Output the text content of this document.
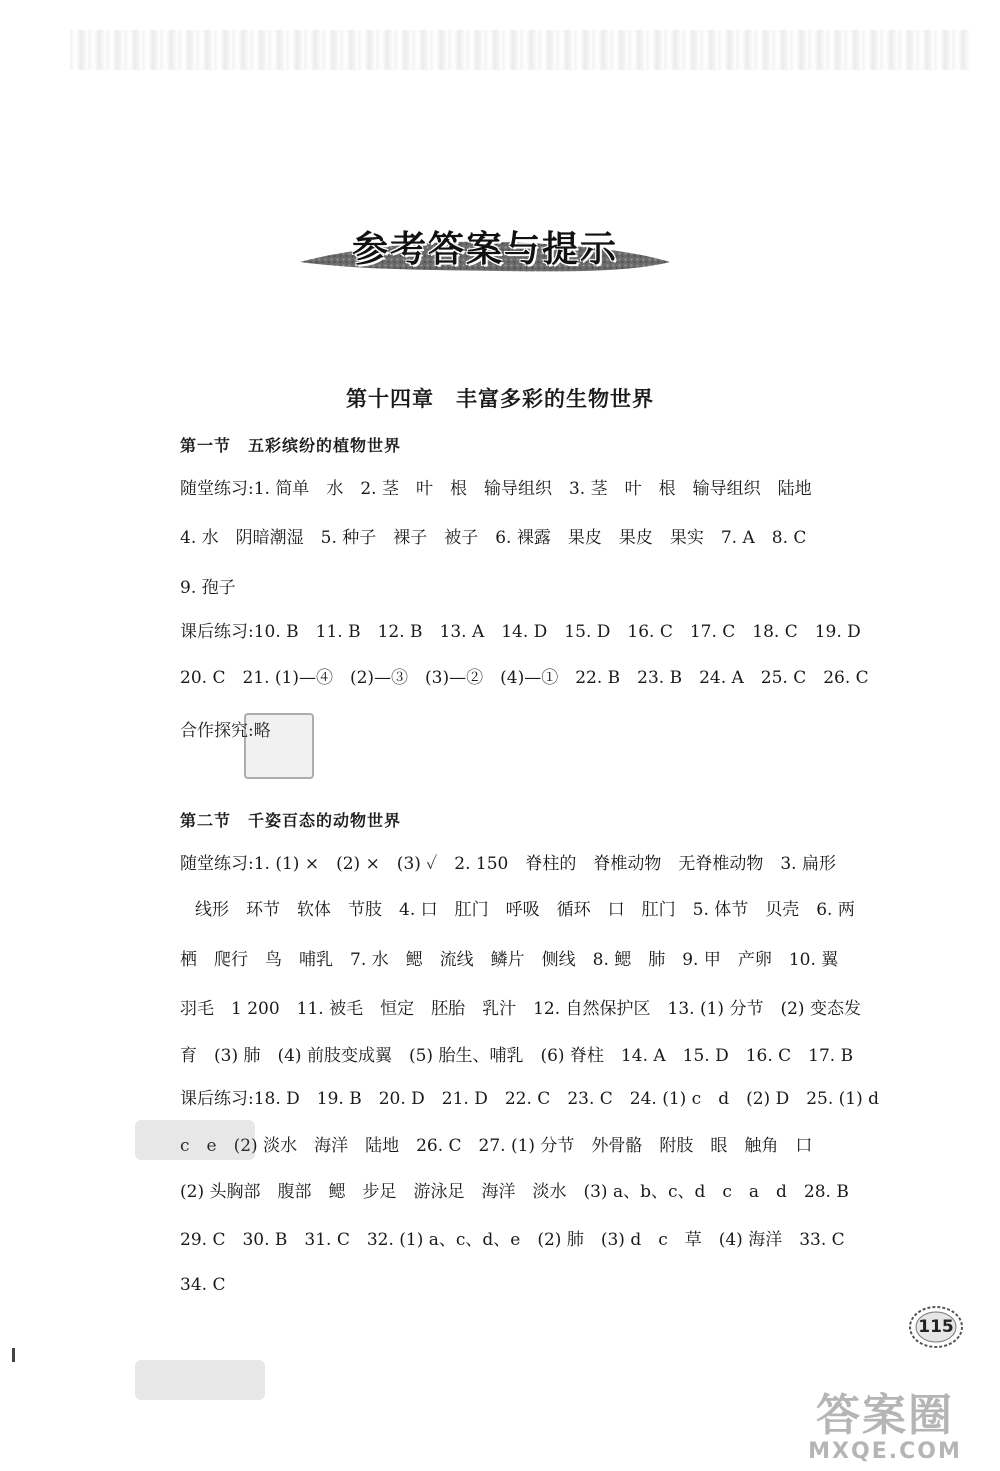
参考答案与提示
第十四章　丰富多彩的生物世界
第一节　五彩缤纷的植物世界
随堂练习:1. 简单　水　2. 茎　叶　根　输导组织　3. 茎　叶　根　输导组织　陆地
4. 水　阴暗潮湿　5. 种子　裸子　被子　6. 裸露　果皮　果皮　果实　7. A　8. C
9. 孢子
课后练习:10. B　11. B　12. B　13. A　14. D　15. D　16. C　17. C　18. C　19. D
20. C　21. (1)—④　(2)—③　(3)—②　(4)—①　22. B　23. B　24. A　25. C　26. C
合作探究:略
第二节　千姿百态的动物世界
随堂练习:1. (1) ×　(2) ×　(3) ✓　2. 150　脊柱的　脊椎动物　无脊椎动物　3. 扁形
线形　环节　软体　节肢　4. 口　肛门　呼吸　循环　口　肛门　5. 体节　贝壳　6. 两
栖　爬行　鸟　哺乳　7. 水　鳃　流线　鳞片　侧线　8. 鳃　肺　9. 甲　产卵　10. 翼
羽毛　1 200　11. 被毛　恒定　胚胎　乳汁　12. 自然保护区　13. (1) 分节　(2) 变态发
育　(3) 肺　(4) 前肢变成翼　(5) 胎生、哺乳　(6) 脊柱　14. A　15. D　16. C　17. B
课后练习:18. D　19. B　20. D　21. D　22. C　23. C　24. (1) c　d　(2) D　25. (1) d
c　e　(2) 淡水　海洋　陆地　26. C　27. (1) 分节　外骨骼　附肢　眼　触角　口
(2) 头胸部　腹部　鳃　步足　游泳足　海洋　淡水　(3) a、b、c、d　c　a　d　28. B
29. C　30. B　31. C　32. (1) a、c、d、e　(2) 肺　(3) d　c　草　(4) 海洋　33. C
34. C
115
答案圈
MXQE.COM
